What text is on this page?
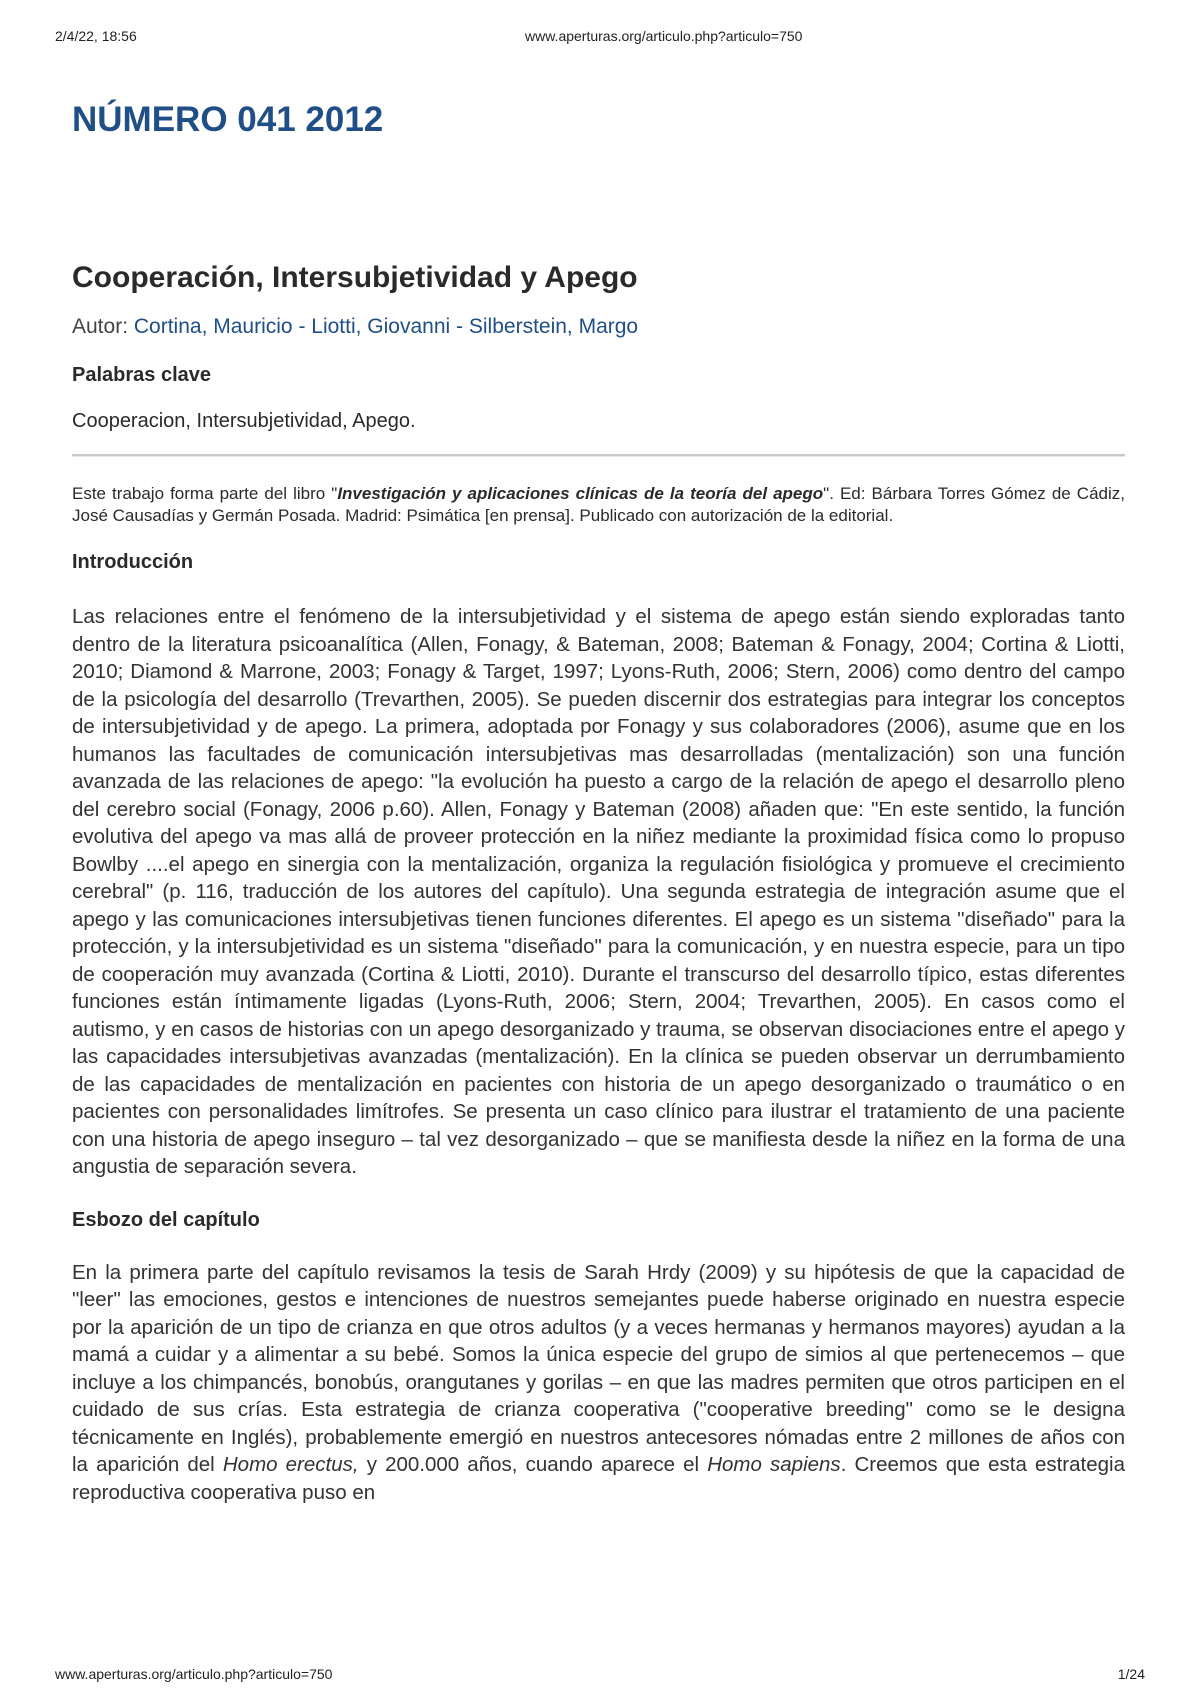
2/4/22, 18:56	www.aperturas.org/articulo.php?articulo=750
NÚMERO 041 2012
Cooperación, Intersubjetividad y Apego
Autor: Cortina, Mauricio - Liotti, Giovanni - Silberstein, Margo
Palabras clave
Cooperacion, Intersubjetividad, Apego.
Este trabajo forma parte del libro "Investigación y aplicaciones clínicas de la teoría del apego". Ed: Bárbara Torres Gómez de Cádiz, José Causadías y Germán Posada. Madrid: Psimática [en prensa]. Publicado con autorización de la editorial.
Introducción
Las relaciones entre el fenómeno de la intersubjetividad y el sistema de apego están siendo exploradas tanto dentro de la literatura psicoanalítica (Allen, Fonagy, & Bateman, 2008; Bateman & Fonagy, 2004; Cortina & Liotti, 2010; Diamond & Marrone, 2003; Fonagy & Target, 1997; Lyons-Ruth, 2006; Stern, 2006) como dentro del campo de la psicología del desarrollo (Trevarthen, 2005). Se pueden discernir dos estrategias para integrar los conceptos de intersubjetividad y de apego. La primera, adoptada por Fonagy y sus colaboradores (2006), asume que en los humanos las facultades de comunicación intersubjetivas mas desarrolladas (mentalización) son una función avanzada de las relaciones de apego: "la evolución ha puesto a cargo de la relación de apego el desarrollo pleno del cerebro social (Fonagy, 2006 p.60). Allen, Fonagy y Bateman (2008) añaden que: "En este sentido, la función evolutiva del apego va mas allá de proveer protección en la niñez mediante la proximidad física como lo propuso Bowlby ....el apego en sinergia con la mentalización, organiza la regulación fisiológica y promueve el crecimiento cerebral" (p. 116, traducción de los autores del capítulo). Una segunda estrategia de integración asume que el apego y las comunicaciones intersubjetivas tienen funciones diferentes. El apego es un sistema "diseñado" para la protección, y la intersubjetividad es un sistema "diseñado" para la comunicación, y en nuestra especie, para un tipo de cooperación muy avanzada (Cortina & Liotti, 2010). Durante el transcurso del desarrollo típico, estas diferentes funciones están íntimamente ligadas (Lyons-Ruth, 2006; Stern, 2004; Trevarthen, 2005). En casos como el autismo, y en casos de historias con un apego desorganizado y trauma, se observan disociaciones entre el apego y las capacidades intersubjetivas avanzadas (mentalización). En la clínica se pueden observar un derrumbamiento de las capacidades de mentalización en pacientes con historia de un apego desorganizado o traumático o en pacientes con personalidades limítrofes. Se presenta un caso clínico para ilustrar el tratamiento de una paciente con una historia de apego inseguro – tal vez desorganizado – que se manifiesta desde la niñez en la forma de una angustia de separación severa.
Esbozo del capítulo
En la primera parte del capítulo revisamos la tesis de Sarah Hrdy (2009) y su hipótesis de que la capacidad de "leer" las emociones, gestos e intenciones de nuestros semejantes puede haberse originado en nuestra especie por la aparición de un tipo de crianza en que otros adultos (y a veces hermanas y hermanos mayores) ayudan a la mamá a cuidar y a alimentar a su bebé. Somos la única especie del grupo de simios al que pertenecemos – que incluye a los chimpancés, bonobús, orangutanes y gorilas – en que las madres permiten que otros participen en el cuidado de sus crías. Esta estrategia de crianza cooperativa ("cooperative breeding" como se le designa técnicamente en Inglés), probablemente emergió en nuestros antecesores nómadas entre 2 millones de años con la aparición del Homo erectus, y 200.000 años, cuando aparece el Homo sapiens. Creemos que esta estrategia reproductiva cooperativa puso en
www.aperturas.org/articulo.php?articulo=750	1/24
